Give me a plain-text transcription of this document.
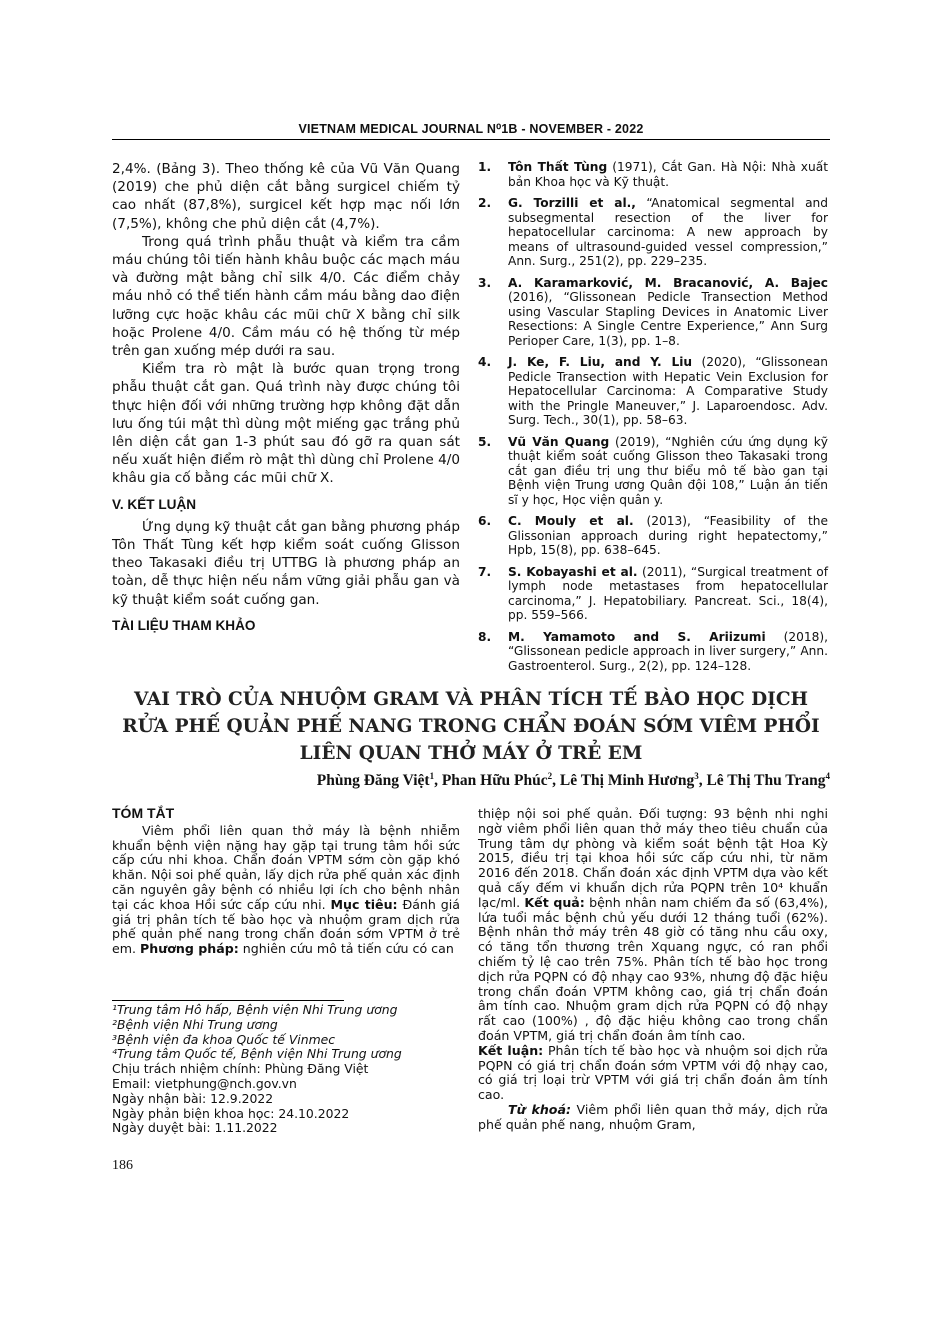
VIETNAM MEDICAL JOURNAL N⁰1B - NOVEMBER - 2022

2,4%. (Bảng 3). Theo thống kê của Vũ Văn Quang (2019) che phủ diện cắt bằng surgicel chiếm tỷ cao nhất (87,8%), surgicel kết hợp mạc nối lớn (7,5%), không che phủ diện cắt (4,7%).

Trong quá trình phẫu thuật và kiểm tra cầm máu chúng tôi tiến hành khâu buộc các mạch máu và đường mật bằng chỉ silk 4/0. Các điểm chảy máu nhỏ có thể tiến hành cầm máu bằng dao điện lưỡng cực hoặc khâu các mũi chữ X bằng chỉ silk hoặc Prolene 4/0. Cầm máu có hệ thống từ mép trên gan xuống mép dưới ra sau.

Kiểm tra rò mật là bước quan trọng trong phẫu thuật cắt gan. Quá trình này được chúng tôi thực hiện đối với những trường hợp không đặt dẫn lưu ống túi mật thì dùng một miếng gạc trắng phủ lên diện cắt gan 1-3 phút sau đó gỡ ra quan sát nếu xuất hiện điểm rò mật thì dùng chỉ Prolene 4/0 khâu gia cố bằng các mũi chữ X.

V. KẾT LUẬN

Ứng dụng kỹ thuật cắt gan bằng phương pháp Tôn Thất Tùng kết hợp kiểm soát cuống Glisson theo Takasaki điều trị UTTBG là phương pháp an toàn, dễ thực hiện nếu nắm vững giải phẫu gan và kỹ thuật kiểm soát cuống gan.

TÀI LIỆU THAM KHẢO
1.	Tôn Thất Tùng (1971), Cắt Gan. Hà Nội: Nhà xuất bản Khoa học và Kỹ thuật.
2.	G. Torzilli et al., “Anatomical segmental and subsegmental resection of the liver for hepatocellular carcinoma: A new approach by means of ultrasound-guided vessel compression,” Ann. Surg., 251(2), pp. 229–235.
3.	A. Karamarković, M. Bracanović, A. Bajec (2016), “Glissonean Pedicle Transection Method using Vascular Stapling Devices in Anatomic Liver Resections: A Single Centre Experience,” Ann Surg Perioper Care, 1(3), pp. 1–8.
4.	J. Ke, F. Liu, and Y. Liu (2020), “Glissonean Pedicle Transection with Hepatic Vein Exclusion for Hepatocellular Carcinoma: A Comparative Study with the Pringle Maneuver,” J. Laparoendosc. Adv. Surg. Tech., 30(1), pp. 58–63.
5.	Vũ Văn Quang (2019), “Nghiên cứu ứng dụng kỹ thuật kiểm soát cuống Glisson theo Takasaki trong cắt gan điều trị ung thư biểu mô tế bào gan tại Bệnh viện Trung ương Quân đội 108,” Luận án tiến sĩ y học, Học viện quân y.
6.	C. Mouly et al. (2013), “Feasibility of the Glissonian approach during right hepatectomy,” Hpb, 15(8), pp. 638–645.
7.	S. Kobayashi et al. (2011), “Surgical treatment of lymph node metastases from hepatocellular carcinoma,” J. Hepatobiliary. Pancreat. Sci., 18(4), pp. 559–566.
8.	M. Yamamoto and S. Ariizumi (2018), “Glissonean pedicle approach in liver surgery,” Ann. Gastroenterol. Surg., 2(2), pp. 124–128.
VAI TRÒ CỦA NHUỘM GRAM VÀ PHÂN TÍCH TẾ BÀO HỌC DỊCH RỬA PHẾ QUẢN PHẾ NANG TRONG CHẨN ĐOÁN SỚM VIÊM PHỔI LIÊN QUAN THỞ MÁY Ở TRẺ EM
Phùng Đăng Việt$^1$, Phan Hữu Phúc$^2$, Lê Thị Minh Hương$^3$, Lê Thị Thu Trang$^4$
TÓM TẮT

Viêm phổi liên quan thở máy là bệnh nhiễm khuẩn bệnh viện nặng hay gặp tại trung tâm hồi sức cấp cứu nhi khoa. Chẩn đoán VPTM sớm còn gặp khó khăn. Nội soi phế quản, lấy dịch rửa phế quản xác định căn nguyên gây bệnh có nhiều lợi ích cho bệnh nhân tại các khoa Hồi sức cấp cứu nhi. Mục tiêu: Đánh giá giá trị phân tích tế bào học và nhuộm gram dịch rửa phế quản phế nang trong chẩn đoán sớm VPTM ở trẻ em. Phương pháp: nghiên cứu mô tả tiến cứu có can

thiệp nội soi phế quản. Đối tượng: 93 bệnh nhi nghi ngờ viêm phổi liên quan thở máy theo tiêu chuẩn của Trung tâm dự phòng và kiểm soát bệnh tật Hoa Kỳ 2015, điều trị tại khoa hồi sức cấp cứu nhi, từ năm 2016 đến 2018. Chẩn đoán xác định VPTM dựa vào kết quả cấy đếm vi khuẩn dịch rửa PQPN trên 10⁴ khuẩn lạc/ml. Kết quả: bệnh nhân nam chiếm đa số (63,4%), lứa tuổi mắc bệnh chủ yếu dưới 12 tháng tuổi (62%). Bệnh nhân thở máy trên 48 giờ có tăng nhu cầu oxy, có tăng tổn thương trên Xquang ngực, có ran phổi chiếm tỷ lệ cao trên 75%. Phân tích tế bào học trong dịch rửa PQPN có độ nhạy cao 93%, nhưng độ đặc hiệu trong chẩn đoán VPTM không cao, giá trị chẩn đoán âm tính cao. Nhuộm gram dịch rửa PQPN có độ nhạy rất cao (100%) , độ đặc hiệu không cao trong chẩn đoán VPTM, giá trị chẩn đoán âm tính cao.

Kết luận: Phân tích tế bào học và nhuộm soi dịch rửa PQPN có giá trị chẩn đoán sớm VPTM với độ nhạy cao, có giá trị loại trừ VPTM với giá trị chẩn đoán âm tính cao.

Từ khoá: Viêm phổi liên quan thở máy, dịch rửa phế quản phế nang, nhuộm Gram,

¹Trung tâm Hô hấp, Bệnh viện Nhi Trung ương
²Bệnh viện Nhi Trung ương
³Bệnh viện đa khoa Quốc tế Vinmec
⁴Trung tâm Quốc tế, Bệnh viện Nhi Trung ương
Chịu trách nhiệm chính: Phùng Đăng Việt
Email: vietphung@nch.gov.vn
Ngày nhận bài: 12.9.2022
Ngày phản biện khoa học: 24.10.2022
Ngày duyệt bài: 1.11.2022
186
